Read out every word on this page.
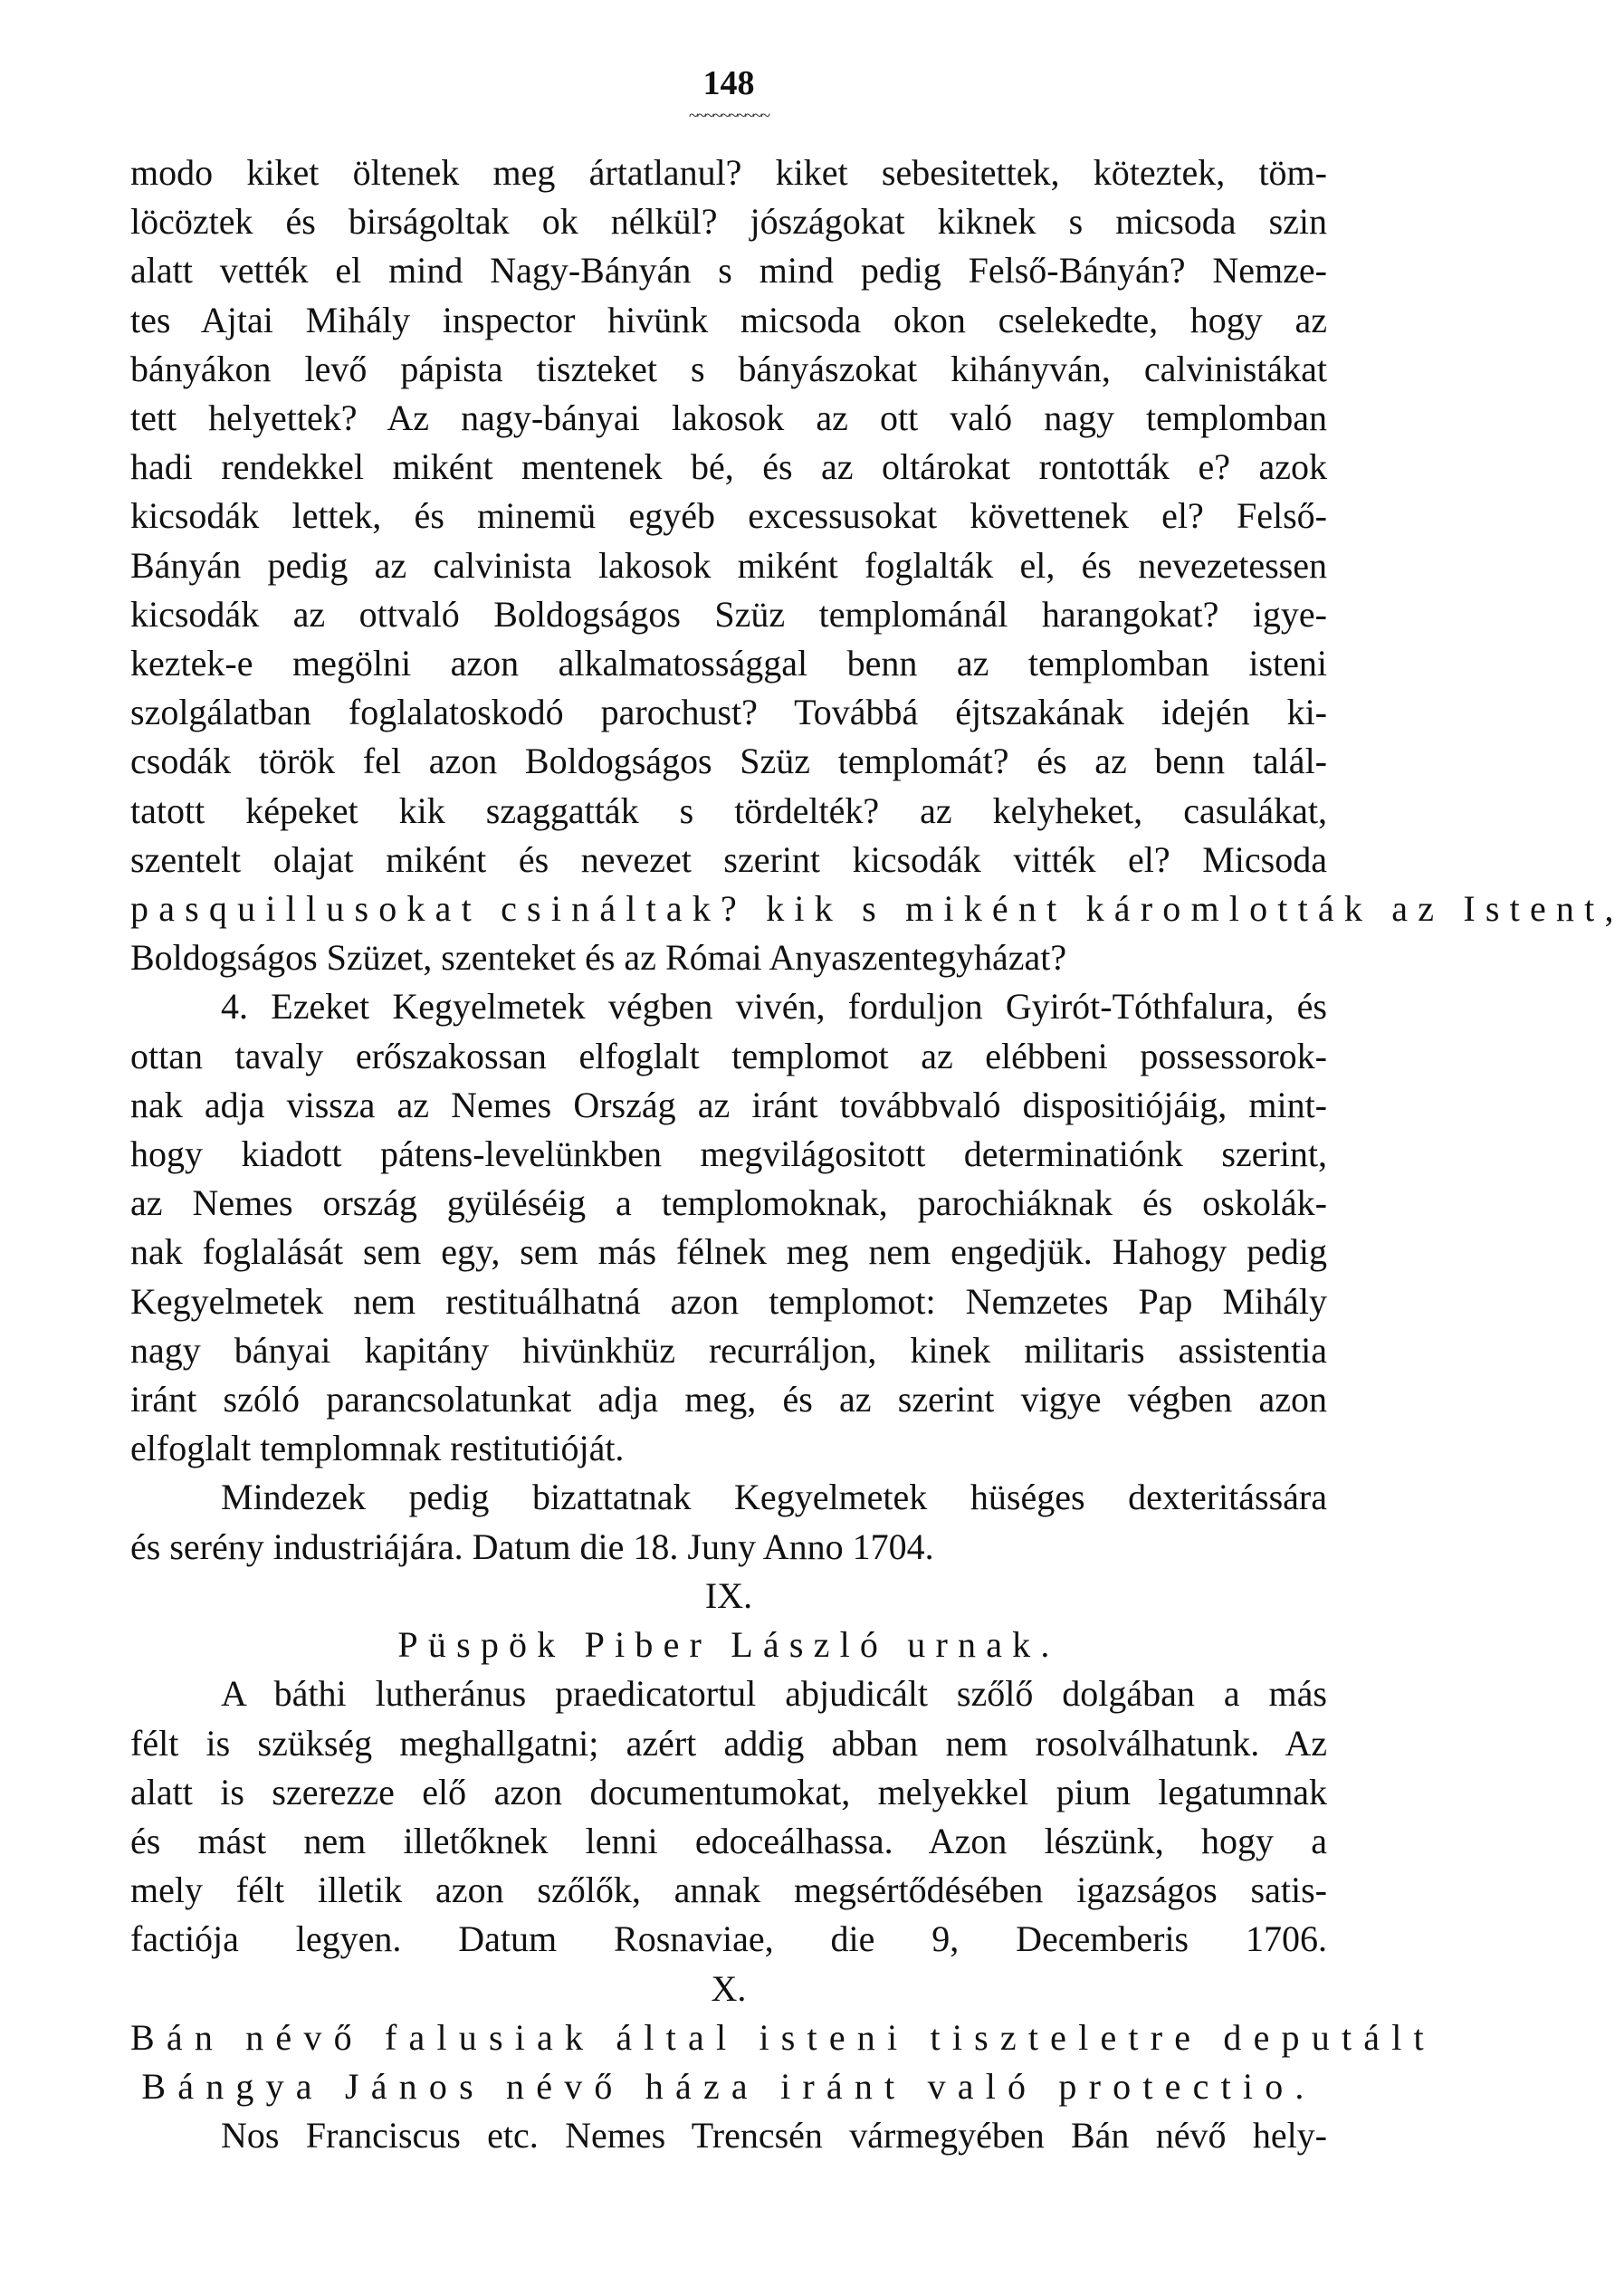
148
~~~~~~~~~~

modo kiket öltenek meg ártatlanul? kiket sebesitettek, köteztek, töm-

löcöztek és birságoltak ok nélkül? jószágokat kiknek s micsoda szin

alatt vették el mind Nagy-Bányán s mind pedig Felső-Bányán? Nemze-

tes Ajtai Mihály inspector hivünk micsoda okon cselekedte, hogy az

bányákon levő pápista tiszteket s bányászokat kihányván, calvinistákat

tett helyettek? Az nagy-bányai lakosok az ott való nagy templomban

hadi rendekkel miként mentenek bé, és az oltárokat rontották e? azok

kicsodák lettek, és minemü egyéb excessusokat követtenek el? Felső-

Bányán pedig az calvinista lakosok miként foglalták el, és nevezetessen

kicsodák az ottvaló Boldogságos Szüz templománál harangokat? igye-

keztek-e megölni azon alkalmatossággal benn az templomban isteni

szolgálatban foglalatoskodó parochust? Továbbá éjtszakának idején ki-

csodák török fel azon Boldogságos Szüz templomát? és az benn talál-

tatott képeket kik szaggatták s tördelték? az kelyheket, casulákat,

szentelt olajat miként és nevezet szerint kicsodák vitték el? Micsoda

pasquillusokat csináltak? kik s miként káromlották az Istent,

Boldogságos Szüzet, szenteket és az Római Anyaszentegyházat?

4. Ezeket Kegyelmetek végben vivén, forduljon Gyirót-Tóthfalura, és

ottan tavaly erőszakossan elfoglalt templomot az elébbeni possessorok-

nak adja vissza az Nemes Ország az iránt továbbvaló dispositiójáig, mint-

hogy kiadott pátens-levelünkben megvilágositott determinatiónk szerint,

az Nemes ország gyüléséig a templomoknak, parochiáknak és oskolák-

nak foglalását sem egy, sem más félnek meg nem engedjük. Hahogy pedig

Kegyelmetek nem restituálhatná azon templomot: Nemzetes Pap Mihály

nagy bányai kapitány hivünkhüz recurráljon, kinek militaris assistentia

iránt szóló parancsolatunkat adja meg, és az szerint vigye végben azon

elfoglalt templomnak restitutióját.

Mindezek pedig bizattatnak Kegyelmetek hüséges dexteritássára

és serény industriájára. Datum die 18. Juny Anno 1704.

IX.

Püspök Piber László urnak.

A báthi lutheránus praedicatortul abjudicált szőlő dolgában a más

félt is szükség meghallgatni; azért addig abban nem rosolválhatunk. Az

alatt is szerezze elő azon documentumokat, melyekkel pium legatumnak

és mást nem illetőknek lenni edoceálhassa. Azon lészünk, hogy a

mely félt illetik azon szőlők, annak megsértődésében igazságos satis-

factiója legyen. Datum Rosnaviae, die 9, Decemberis 1706.

X.

Bán névő falusiak által isteni tiszteletre deputált

Bángya János névő háza iránt való protectio.

Nos Franciscus etc. Nemes Trencsén vármegyében Bán névő hely-
